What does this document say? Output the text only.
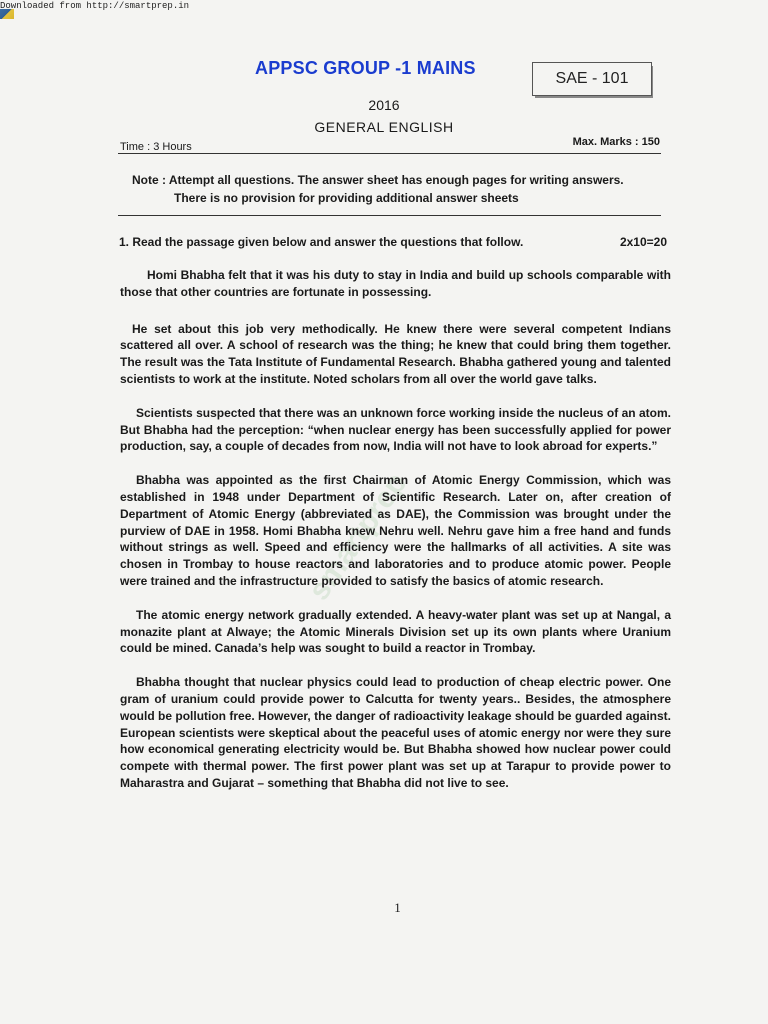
Downloaded from http://smartprep.in
APPSC GROUP -1 MAINS
SAE - 101
2016
GENERAL ENGLISH
Time : 3 Hours	Max. Marks : 150
Note : Attempt all questions. The answer sheet has enough pages for writing answers.
There is no provision for providing additional answer sheets
1. Read the passage given below and answer the questions that follow.	2x10=20
smartprep

Homi Bhabha felt that it was his duty to stay in India and build up schools comparable with those that other countries are fortunate in possessing.

He set about this job very methodically. He knew there were several competent Indians scattered all over. A school of research was the thing; he knew that could bring them together. The result was the Tata Institute of Fundamental Research. Bhabha gathered young and talented scientists to work at the institute. Noted scholars from all over the world gave talks.

Scientists suspected that there was an unknown force working inside the nucleus of an atom. But Bhabha had the perception: “when nuclear energy has been successfully applied for power production, say, a couple of decades from now, India will not have to look abroad for experts.”

Bhabha was appointed as the first Chairman of Atomic Energy Commission, which was established in 1948 under Department of Scientific Research. Later on, after creation of Department of Atomic Energy (abbreviated as DAE), the Commission was brought under the purview of DAE in 1958. Homi Bhabha knew Nehru well. Nehru gave him a free hand and funds without strings as well. Speed and efficiency were the hallmarks of all activities. A site was chosen in Trombay to house reactors and laboratories and to produce atomic power. People were trained and the infrastructure provided to satisfy the basics of atomic research.

The atomic energy network gradually extended. A heavy-water plant was set up at Nangal, a monazite plant at Alwaye; the Atomic Minerals Division set up its own plants where Uranium could be mined. Canada’s help was sought to build a reactor in Trombay.

Bhabha thought that nuclear physics could lead to production of cheap electric power. One gram of uranium could provide power to Calcutta for twenty years.. Besides, the atmosphere would be pollution free. However, the danger of radioactivity leakage should be guarded against. European scientists were skeptical about the peaceful uses of atomic energy nor were they sure how economical generating electricity would be. But Bhabha showed how nuclear power could compete with thermal power. The first power plant was set up at Tarapur to provide power to Maharastra and Gujarat – something that Bhabha did not live to see.

1
